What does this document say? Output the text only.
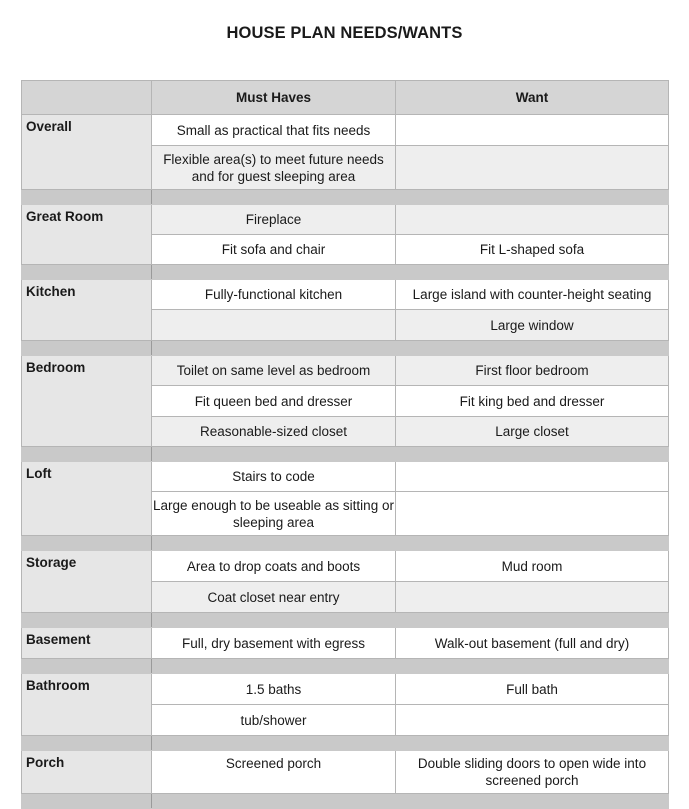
HOUSE PLAN NEEDS/WANTS
	Must Haves	Want
Overall	Small as practical that fits needs	
	Flexible area(s) to meet future needs and for guest sleeping area	

Great Room	Fireplace	
	Fit sofa and chair	Fit L-shaped sofa

Kitchen	Fully-functional kitchen	Large island with counter-height seating
		Large window

Bedroom	Toilet on same level as bedroom	First floor bedroom
	Fit queen bed and dresser	Fit king bed and dresser
	Reasonable-sized closet	Large closet

Loft	Stairs to code	
	Large enough to be useable as sitting or sleeping area	

Storage	Area to drop coats and boots	Mud room
	Coat closet near entry	

Basement	Full, dry basement with egress	Walk-out basement (full and dry)

Bathroom	1.5 baths	Full bath
	tub/shower	

Porch	Screened porch	Double sliding doors to open wide into screened porch
